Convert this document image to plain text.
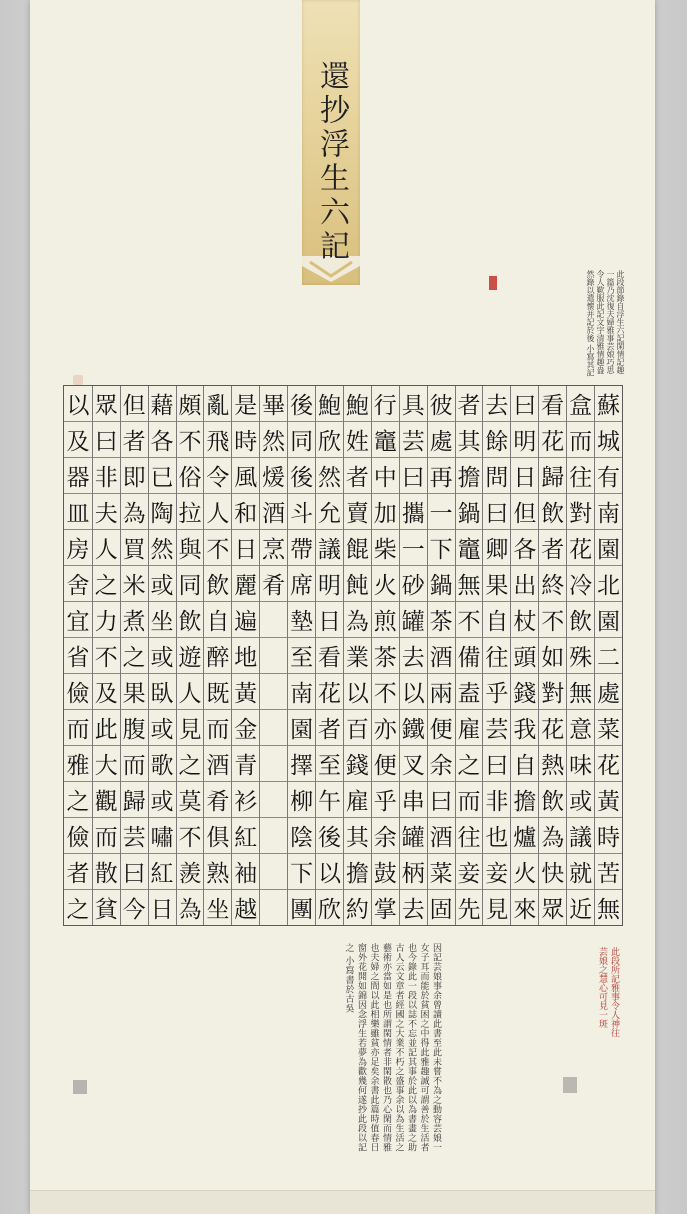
還抄浮生六記
此段節錄自浮生六記閑情記趣一篇乃沈復夫婦雅事芸娘巧思令人歎服此記文字清雅情趣盎然錄以遣懷并記於後 小寫其記
蘇
城
有
南
園
北
園
二
處
菜
花
黃
時
苦
無
盒
而
往
對
花
冷
飲
殊
無
意
味
或
議
就
近
看
花
歸
飲
者
終
不
如
對
花
熱
飲
為
快
眾
曰
明
日
但
各
出
杖
頭
錢
我
自
擔
爐
火
來
去
餘
問
曰
卿
果
自
往
乎
芸
曰
非
也
妾
見
者
其
擔
鍋
竈
無
不
備
盍
雇
之
而
往
妾
先
彼
處
再
一
下
鍋
茶
酒
兩
便
余
曰
酒
菜
固
具
芸
曰
攜
一
砂
罐
去
以
鐵
叉
串
罐
柄
去
行
竈
中
加
柴
火
煎
茶
不
亦
便
乎
余
鼓
掌
鮑
姓
者
賣
餛
飩
為
業
以
百
錢
雇
其
擔
約
鮑
欣
然
允
議
明
日
看
花
者
至
午
後
以
欣
後
同
後
斗
帶
席
墊
至
南
園
擇
柳
陰
下
團
畢
然
煖
酒
烹
肴
是
時
風
和
日
麗
遍
地
黃
金
青
衫
紅
袖
越
亂
飛
令
人
不
飲
自
醉
既
而
酒
肴
俱
熟
坐
頗
不
俗
拉
與
同
飲
遊
人
見
之
莫
不
羨
為
藉
各
已
陶
然
或
坐
或
臥
或
歌
或
嘯
紅
日
但
者
即
為
買
米
煮
之
果
腹
而
歸
芸
曰
今
眾
曰
非
夫
人
之
力
不
及
此
大
觀
而
散
貧
以
及
器
皿
房
舍
宜
省
儉
而
雅
之
儉
者
之
因記芸娘事余曾讀此書至此未嘗不為之動容芸娘一女子耳而能於貧困之中得此雅趣誠可謂善於生活者也今錄此一段以誌不忘並記其事於此以為書畫之助古人云文章者經國之大業不朽之盛事余以為生活之藝術亦當如是也所謂閑情者非閑散也乃心閑而情雅也夫婦之間以此相樂雖貧亦足矣余書此篇時值春日窗外花開如錦因念浮生若夢為歡幾何遂抄此段以記之 小寫書於古吳	此段所記雅事令人神往芸娘之慧心可見一斑
